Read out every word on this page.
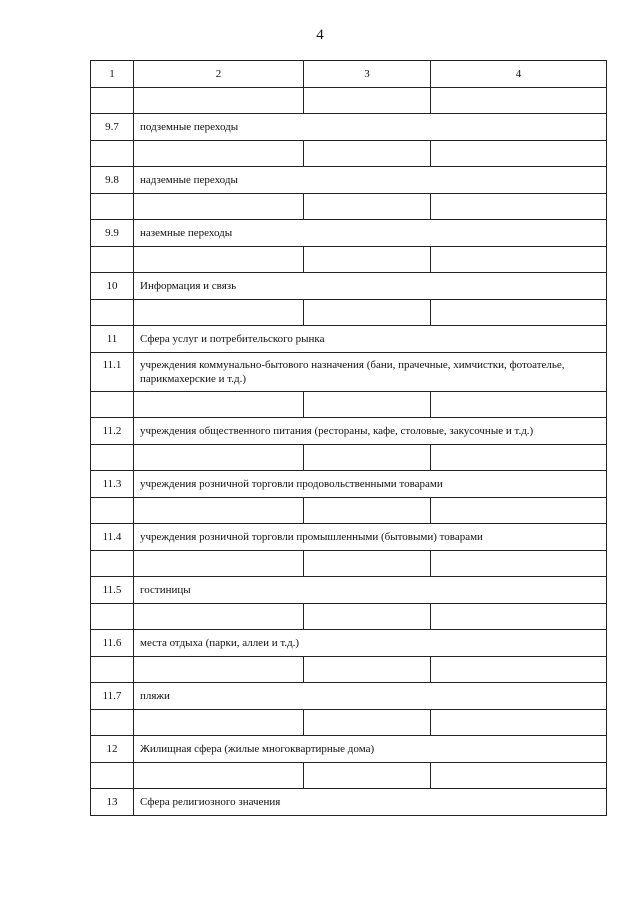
4
1	2	3	4

9.7	подземные переходы		

9.8	надземные переходы		

9.9	наземные переходы		

10	Информация и связь		

11	Сфера услуг и потребительского рынка		
11.1	учреждения коммунально-бытового назначения (бани, прачечные, химчистки, фотоателье, парикмахерские и т.д.)		

11.2	учреждения общественного питания (рестораны, кафе, столовые, закусочные и т.д.)		

11.3	учреждения розничной торговли продовольственными товарами		

11.4	учреждения розничной торговли промышленными (бытовыми) товарами		

11.5	гостиницы		

11.6	места отдыха (парки, аллеи и т.д.)		

11.7	пляжи		

12	Жилищная сфера (жилые многоквартирные дома)		

13	Сфера религиозного значения		
